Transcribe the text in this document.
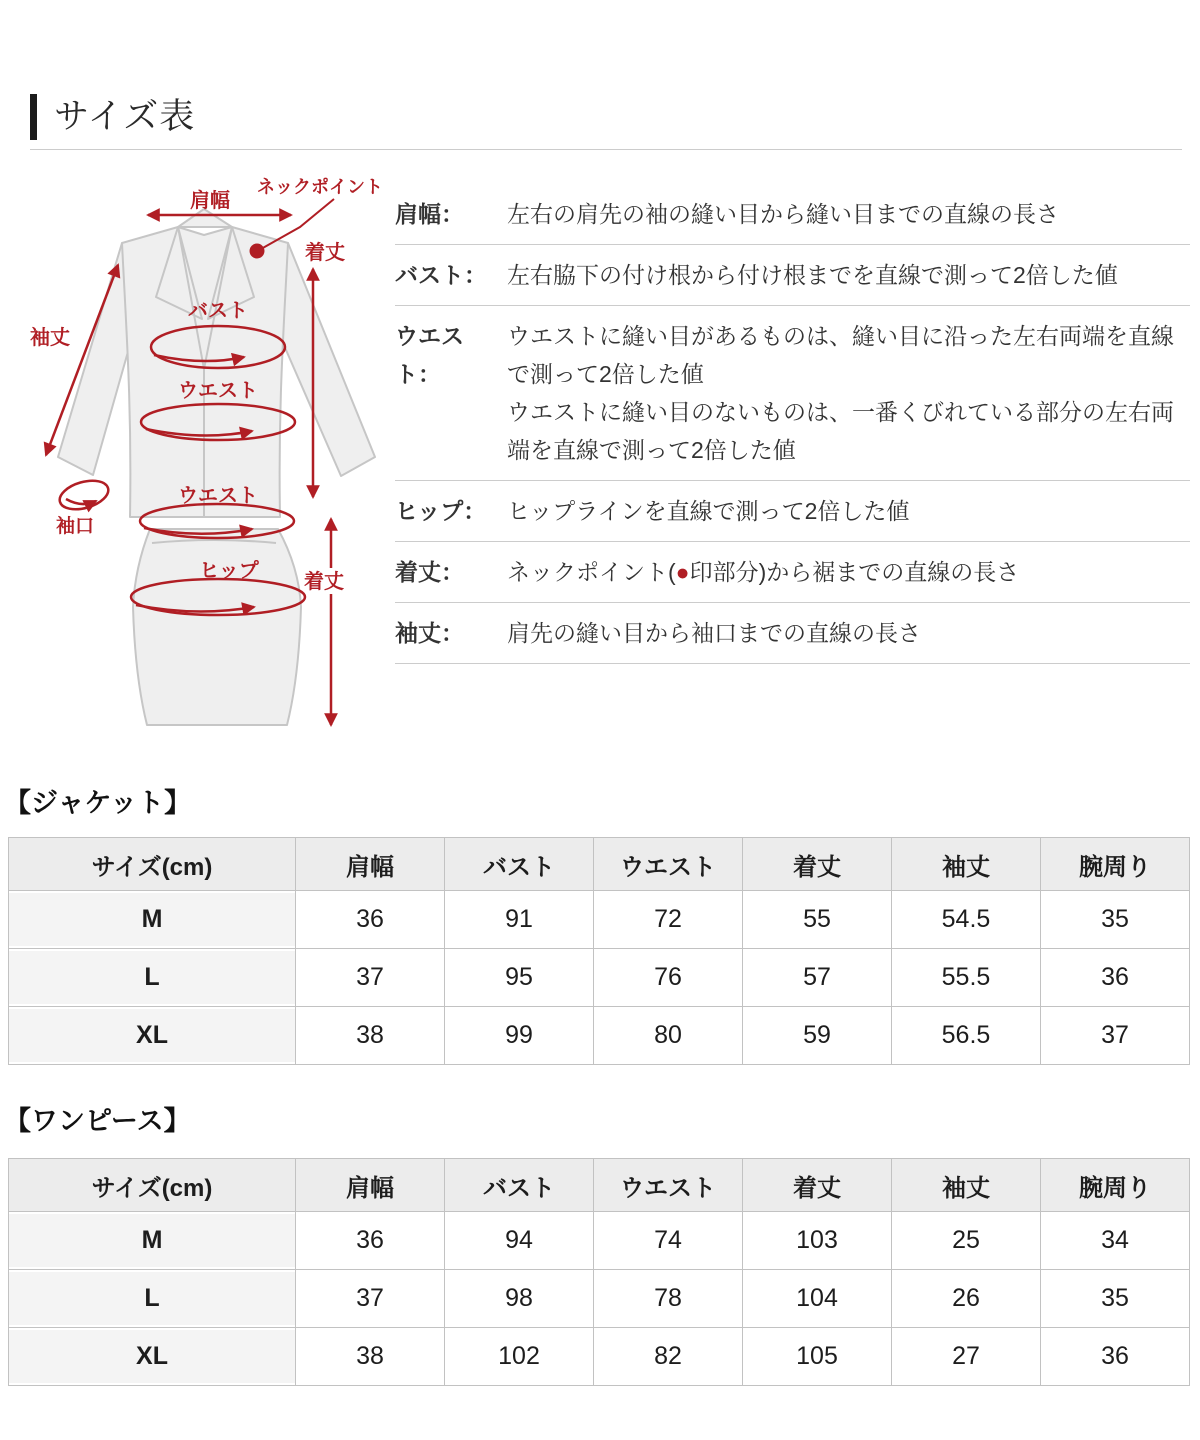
サイズ表
肩幅
ネックポイント
着丈
袖丈
バスト
ウエスト
袖口
ウエスト
ヒップ 着丈
肩幅：	左右の肩先の袖の縫い目から縫い目までの直線の長さ
バスト： 左右脇下の付け根から付け根までを直線で測って2倍した値
ウエスト：
ウエストに縫い目があるものは、縫い目に沿った左右両端を直線で測って2倍した値
ウエストに縫い目のないものは、一番くびれている部分の左右両端を直線で測って2倍した値
ヒップ： ヒップラインを直線で測って2倍した値
着丈：	ネックポイント(●印部分)から裾までの直線の長さ
袖丈：	肩先の縫い目から袖口までの直線の長さ
【ジャケット】
サイズ(cm)	肩幅	バスト	ウエスト	着丈	袖丈	腕周り
M	36	91	72	55	54.5	35
L	37	95	76	57	55.5	36
XL	38	99	80	59	56.5	37
【ワンピース】
サイズ(cm)	肩幅	バスト	ウエスト	着丈	袖丈	腕周り
M	36	94	74	103	25	34
L	37	98	78	104	26	35
XL	38	102	82	105	27	36
